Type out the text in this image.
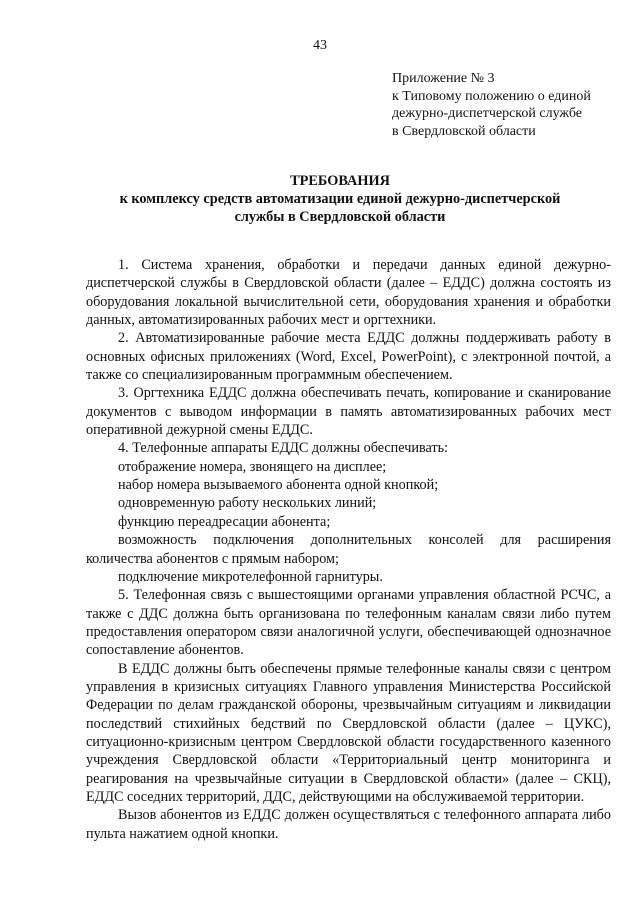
43
Приложение № 3
к Типовому положению о единой
дежурно-диспетчерской службе
в Свердловской области
ТРЕБОВАНИЯ
к комплексу средств автоматизации единой дежурно-диспетчерской
службы в Свердловской области

1. Система хранения, обработки и передачи данных единой дежурно-диспетчерской службы в Свердловской области (далее – ЕДДС) должна состоять из оборудования локальной вычислительной сети, оборудования хранения и обработки данных, автоматизированных рабочих мест и оргтехники.

2. Автоматизированные рабочие места ЕДДС должны поддерживать работу в основных офисных приложениях (Word, Excel, PowerPoint), с электронной почтой, а также со специализированным программным обеспечением.

3. Оргтехника ЕДДС должна обеспечивать печать, копирование и сканирование документов с выводом информации в память автоматизированных рабочих мест оперативной дежурной смены ЕДДС.

4. Телефонные аппараты ЕДДС должны обеспечивать:

отображение номера, звонящего на дисплее;

набор номера вызываемого абонента одной кнопкой;

одновременную работу нескольких линий;

функцию переадресации абонента;

возможность подключения дополнительных консолей для расширения количества абонентов с прямым набором;

подключение микротелефонной гарнитуры.

5. Телефонная связь с вышестоящими органами управления областной РСЧС, а также с ДДС должна быть организована по телефонным каналам связи либо путем предоставления оператором связи аналогичной услуги, обеспечивающей однозначное сопоставление абонентов.

В ЕДДС должны быть обеспечены прямые телефонные каналы связи с центром управления в кризисных ситуациях Главного управления Министерства Российской Федерации по делам гражданской обороны, чрезвычайным ситуациям и ликвидации последствий стихийных бедствий по Свердловской области (далее – ЦУКС), ситуационно-кризисным центром Свердловской области государственного казенного учреждения Свердловской области «Территориальный центр мониторинга и реагирования на чрезвычайные ситуации в Свердловской области» (далее – СКЦ), ЕДДС соседних территорий, ДДС, действующими на обслуживаемой территории.

Вызов абонентов из ЕДДС должен осуществляться с телефонного аппарата либо пульта нажатием одной кнопки.
